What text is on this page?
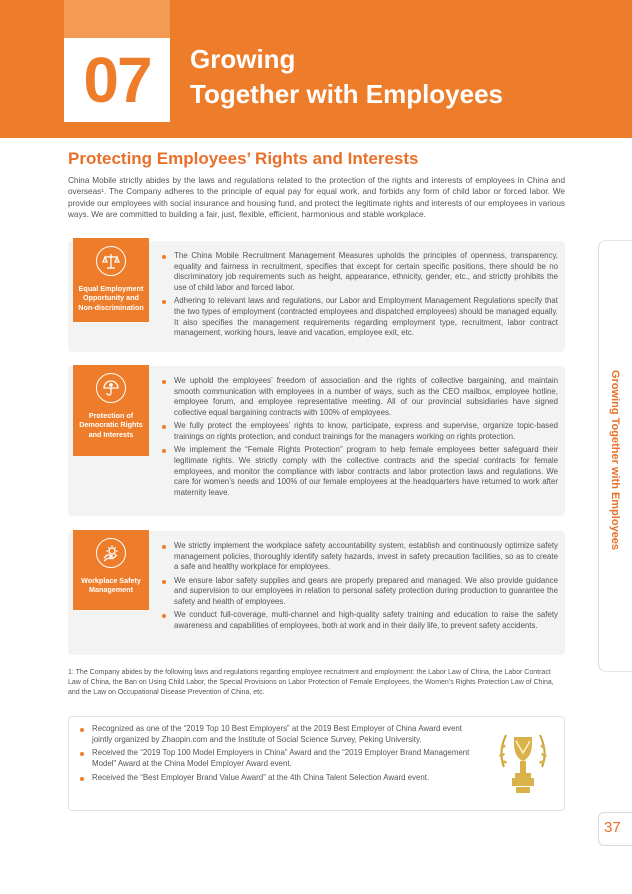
07	Growing
Together with Employees
Protecting Employees’ Rights and Interests

China Mobile strictly abides by the laws and regulations related to the protection of the rights and interests of employees in China and overseas¹. The Company adheres to the principle of equal pay for equal work, and forbids any form of child labor or forced labor. We provide our employees with social insurance and housing fund, and protect the legitimate rights and interests of our employees in various ways. We are committed to building a fair, just, flexible, efficient, harmonious and stable workplace.

Equal Employment Opportunity and Non-discrimination
The China Mobile Recruitment Management Measures upholds the principles of openness, transparency, equality and fairness in recruitment, specifies that except for certain specific positions, there should be no discriminatory job requirements such as height, appearance, ethnicity, gender, etc., and strictly prohibits the use of child labor and forced labor.
Adhering to relevant laws and regulations, our Labor and Employment Management Regulations specify that the two types of employment (contracted employees and dispatched employees) should be managed equally. It also specifies the management requirements regarding employment type, recruitment, labor contract management, working hours, leave and vacation, employee exit, etc.
Protection of Democratic Rights and Interests
We uphold the employees’ freedom of association and the rights of collective bargaining, and maintain smooth communication with employees in a number of ways, such as the CEO mailbox, employee hotline, employee forum, and employee representative meeting. All of our provincial subsidiaries have signed collective equal bargaining contracts with 100% of employees.
We fully protect the employees’ rights to know, participate, express and supervise, organize topic-based trainings on rights protection, and conduct trainings for the managers working on rights protection.
We implement the “Female Rights Protection” program to help female employees better safeguard their legitimate rights. We strictly comply with the collective contracts and the special contracts for female employees, and monitor the compliance with labor contracts and labor protection laws and regulations. We care for women’s needs and 100% of our female employees at the headquarters have returned to work after maternity leave.
Workplace Safety Management
We strictly implement the workplace safety accountability system, establish and continuously optimize safety management policies, thoroughly identify safety hazards, invest in safety precaution facilities, so as to create a safe and healthy workplace for employees.
We ensure labor safety supplies and gears are properly prepared and managed. We also provide guidance and supervision to our employees in relation to personal safety protection during production to guarantee the safety and health of employees.
We conduct full-coverage, multi-channel and high-quality safety training and education to raise the safety awareness and capabilities of employees, both at work and in their daily life, to prevent safety accidents.
Growing Together with Employees

1: The Company abides by the following laws and regulations regarding employee recruitment and employment: the Labor Law of China, the Labor Contract Law of China, the Ban on Using Child Labor, the Special Provisions on Labor Protection of Female Employees, the Women’s Rights Protection Law of China, and the Law on Occupational Disease Prevention of China, etc.

Recognized as one of the “2019 Top 10 Best Employers” at the 2019 Best Employer of China Award event jointly organized by Zhaopin.com and the Institute of Social Science Survey, Peking University.
Received the “2019 Top 100 Model Employers in China” Award and the “2019 Employer Brand Management Model” Award at the China Model Employer Award event.
Received the “Best Employer Brand Value Award” at the 4th China Talent Selection Award event.
37
